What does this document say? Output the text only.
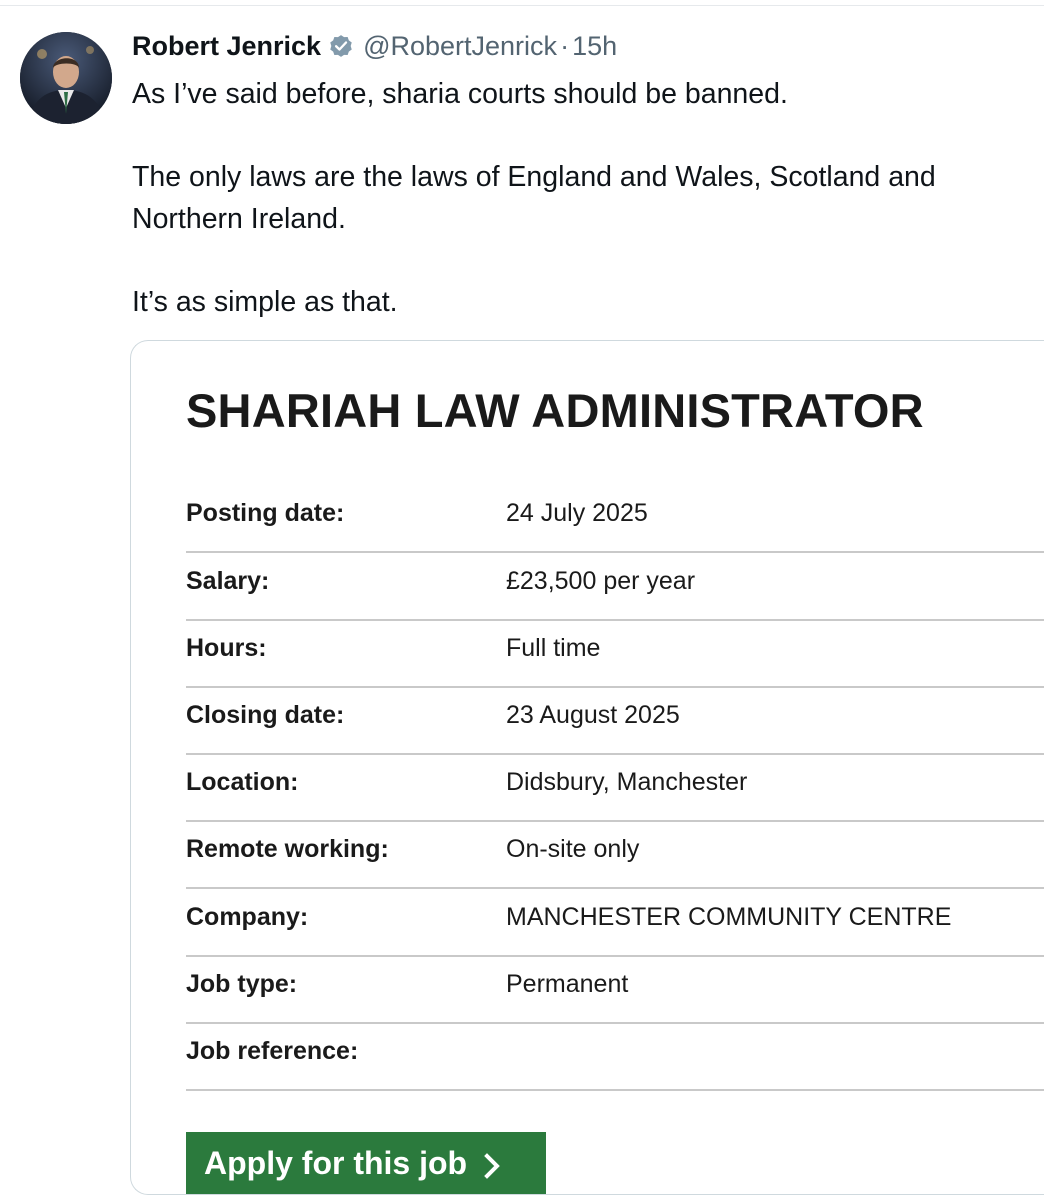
Robert Jenrick @RobertJenrick · 15h

As I’ve said before, sharia courts should be banned.

The only laws are the laws of England and Wales, Scotland and Northern Ireland.

It’s as simple as that.

SHARIAH LAW ADMINISTRATOR
Posting date:	24 July 2025
Salary:	£23,500 per year
Hours:	Full time
Closing date:	23 August 2025
Location:	Didsbury, Manchester
Remote working:	On-site only
Company:	MANCHESTER COMMUNITY CENTRE
Job type:	Permanent
Job reference:
Apply for this job
